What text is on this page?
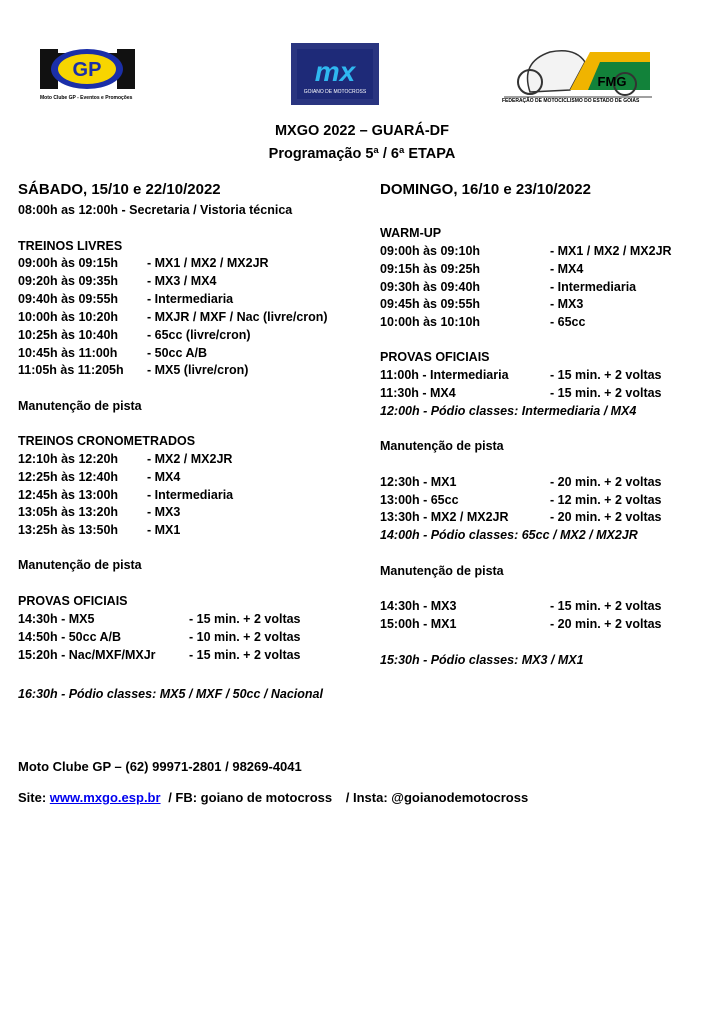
GP
Moto Clube GP - Eventos e Promoções
mx
GOIANO DE MOTOCROSS
FMG
FEDERAÇÃO DE MOTOCICLISMO DO ESTADO DE GOIÁS
MXGO 2022 – GUARÁ-DF
Programação 5ª / 6ª ETAPA
SÁBADO, 15/10 e 22/10/2022
08:00h as 12:00h - Secretaria / Vistoria técnica
TREINOS LIVRES
09:00h às 09:15h - MX1 / MX2 / MX2JR
09:20h às 09:35h - MX3 / MX4
09:40h às 09:55h - Intermediaria
10:00h às 10:20h - MXJR / MXF / Nac (livre/cron)
10:25h às 10:40h - 65cc (livre/cron)
10:45h às 11:00h - 50cc A/B
11:05h às 11:205h - MX5 (livre/cron)
Manutenção de pista
TREINOS CRONOMETRADOS
12:10h às 12:20h - MX2 / MX2JR
12:25h às 12:40h - MX4
12:45h às 13:00h - Intermediaria
13:05h às 13:20h - MX3
13:25h às 13:50h - MX1
Manutenção de pista
PROVAS OFICIAIS
14:30h - MX5	- 15 min. + 2 voltas
14:50h - 50cc A/B	- 10 min. + 2 voltas
15:20h - Nac/MXF/MXJr	- 15 min. + 2 voltas
16:30h - Pódio classes: MX5 / MXF / 50cc / Nacional
DOMINGO, 16/10 e 23/10/2022
WARM-UP
09:00h às 09:10h	- MX1 / MX2 / MX2JR
09:15h às 09:25h	- MX4
09:30h às 09:40h	- Intermediaria
09:45h às 09:55h	- MX3
10:00h às 10:10h	- 65cc
PROVAS OFICIAIS
11:00h - Intermediaria	- 15 min. + 2 voltas
11:30h - MX4	- 15 min. + 2 voltas
12:00h - Pódio classes: Intermediaria / MX4
Manutenção de pista
12:30h - MX1	- 20 min. + 2 voltas
13:00h - 65cc	- 12 min. + 2 voltas
13:30h - MX2 / MX2JR	- 20 min. + 2 voltas
14:00h - Pódio classes: 65cc / MX2 / MX2JR
Manutenção de pista
14:30h - MX3	- 15 min. + 2 voltas
15:00h - MX1	- 20 min. + 2 voltas
15:30h - Pódio classes: MX3 / MX1
Moto Clube GP – (62) 99971-2801 / 98269-4041
Site: www.mxgo.esp.br / FB: goiano de motocross / Insta: @goianodemotocross
